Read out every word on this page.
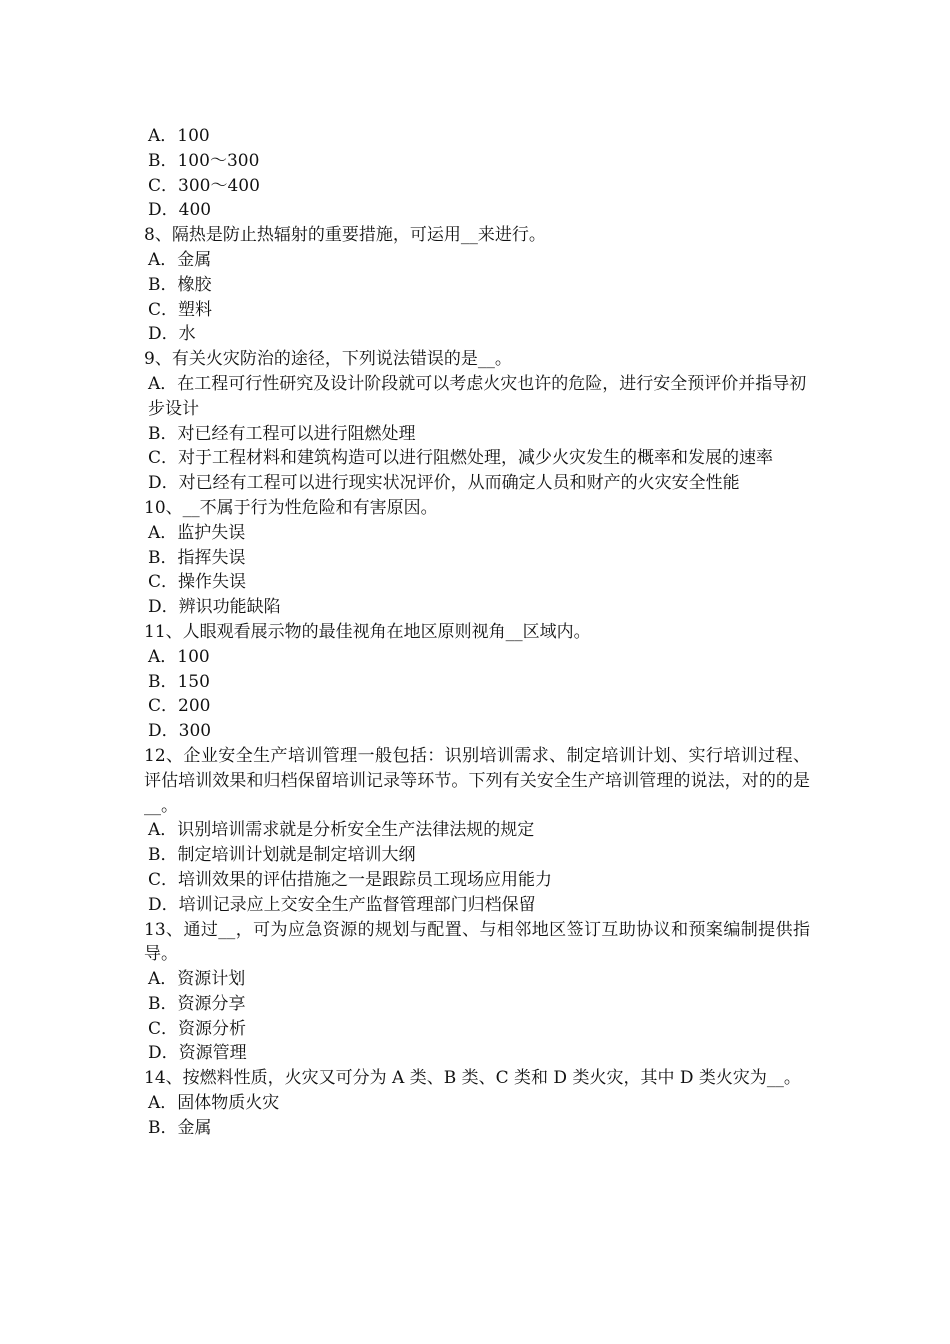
A．100
B．100～300
C．300～400
D．400
8、隔热是防止热辐射的重要措施，可运用__来进行。
A．金属
B．橡胶
C．塑料
D．水
9、有关火灾防治的途径，下列说法错误的是__。
A．在工程可行性研究及设计阶段就可以考虑火灾也许的危险，进行安全预评价并指导初步设计
B．对已经有工程可以进行阻燃处理
C．对于工程材料和建筑构造可以进行阻燃处理，减少火灾发生的概率和发展的速率
D．对已经有工程可以进行现实状况评价，从而确定人员和财产的火灾安全性能
10、__不属于行为性危险和有害原因。
A．监护失误
B．指挥失误
C．操作失误
D．辨识功能缺陷
11、人眼观看展示物的最佳视角在地区原则视角__区域内。
A．100
B．150
C．200
D．300
12、企业安全生产培训管理一般包括：识别培训需求、制定培训计划、实行培训过程、评估培训效果和归档保留培训记录等环节。下列有关安全生产培训管理的说法，对的的是__。
A．识别培训需求就是分析安全生产法律法规的规定
B．制定培训计划就是制定培训大纲
C．培训效果的评估措施之一是跟踪员工现场应用能力
D．培训记录应上交安全生产监督管理部门归档保留
13、通过__，可为应急资源的规划与配置、与相邻地区签订互助协议和预案编制提供指导。
A．资源计划
B．资源分享
C．资源分析
D．资源管理
14、按燃料性质，火灾又可分为 A 类、B 类、C 类和 D 类火灾，其中 D 类火灾为__。
A．固体物质火灾
B．金属
